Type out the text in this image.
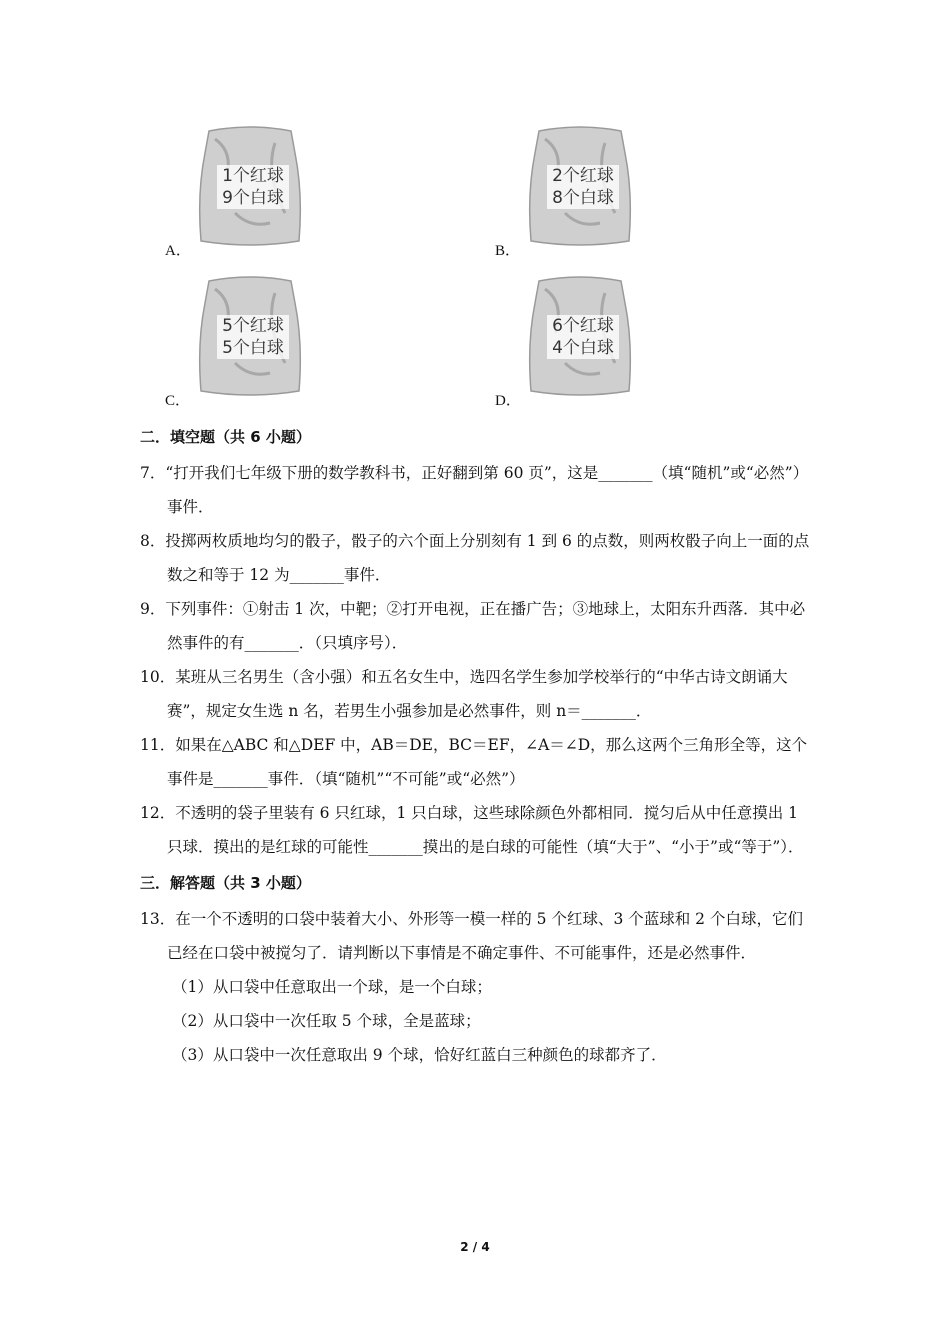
1个红球
9个白球
A．
2个红球
8个白球
B．
5个红球
5个白球
C．
6个红球
4个白球
D．

二．填空题（共 6 小题）

7．“打开我们七年级下册的数学教科书，正好翻到第 60 页”，这是_______（填“随机”或“必然”）事件．

8．投掷两枚质地均匀的骰子，骰子的六个面上分别刻有 1 到 6 的点数，则两枚骰子向上一面的点数之和等于 12 为_______事件．

9．下列事件：①射击 1 次，中靶；②打开电视，正在播广告；③地球上，太阳东升西落．其中必然事件的有_______．（只填序号）．

10．某班从三名男生（含小强）和五名女生中，选四名学生参加学校举行的“中华古诗文朗诵大赛”，规定女生选 n 名，若男生小强参加是必然事件，则 n＝_______．

11．如果在△ABC 和△DEF 中，AB＝DE，BC＝EF，∠A＝∠D，那么这两个三角形全等，这个事件是_______事件．（填“随机”“不可能”或“必然”）

12．不透明的袋子里装有 6 只红球，1 只白球，这些球除颜色外都相同．搅匀后从中任意摸出 1 只球．摸出的是红球的可能性_______摸出的是白球的可能性（填“大于”、“小于”或“等于”）．

三．解答题（共 3 小题）

13．在一个不透明的口袋中装着大小、外形等一模一样的 5 个红球、3 个蓝球和 2 个白球，它们已经在口袋中被搅匀了．请判断以下事情是不确定事件、不可能事件，还是必然事件．

（1）从口袋中任意取出一个球，是一个白球；

（2）从口袋中一次任取 5 个球，全是蓝球；

（3）从口袋中一次任意取出 9 个球，恰好红蓝白三种颜色的球都齐了．

2 / 4
